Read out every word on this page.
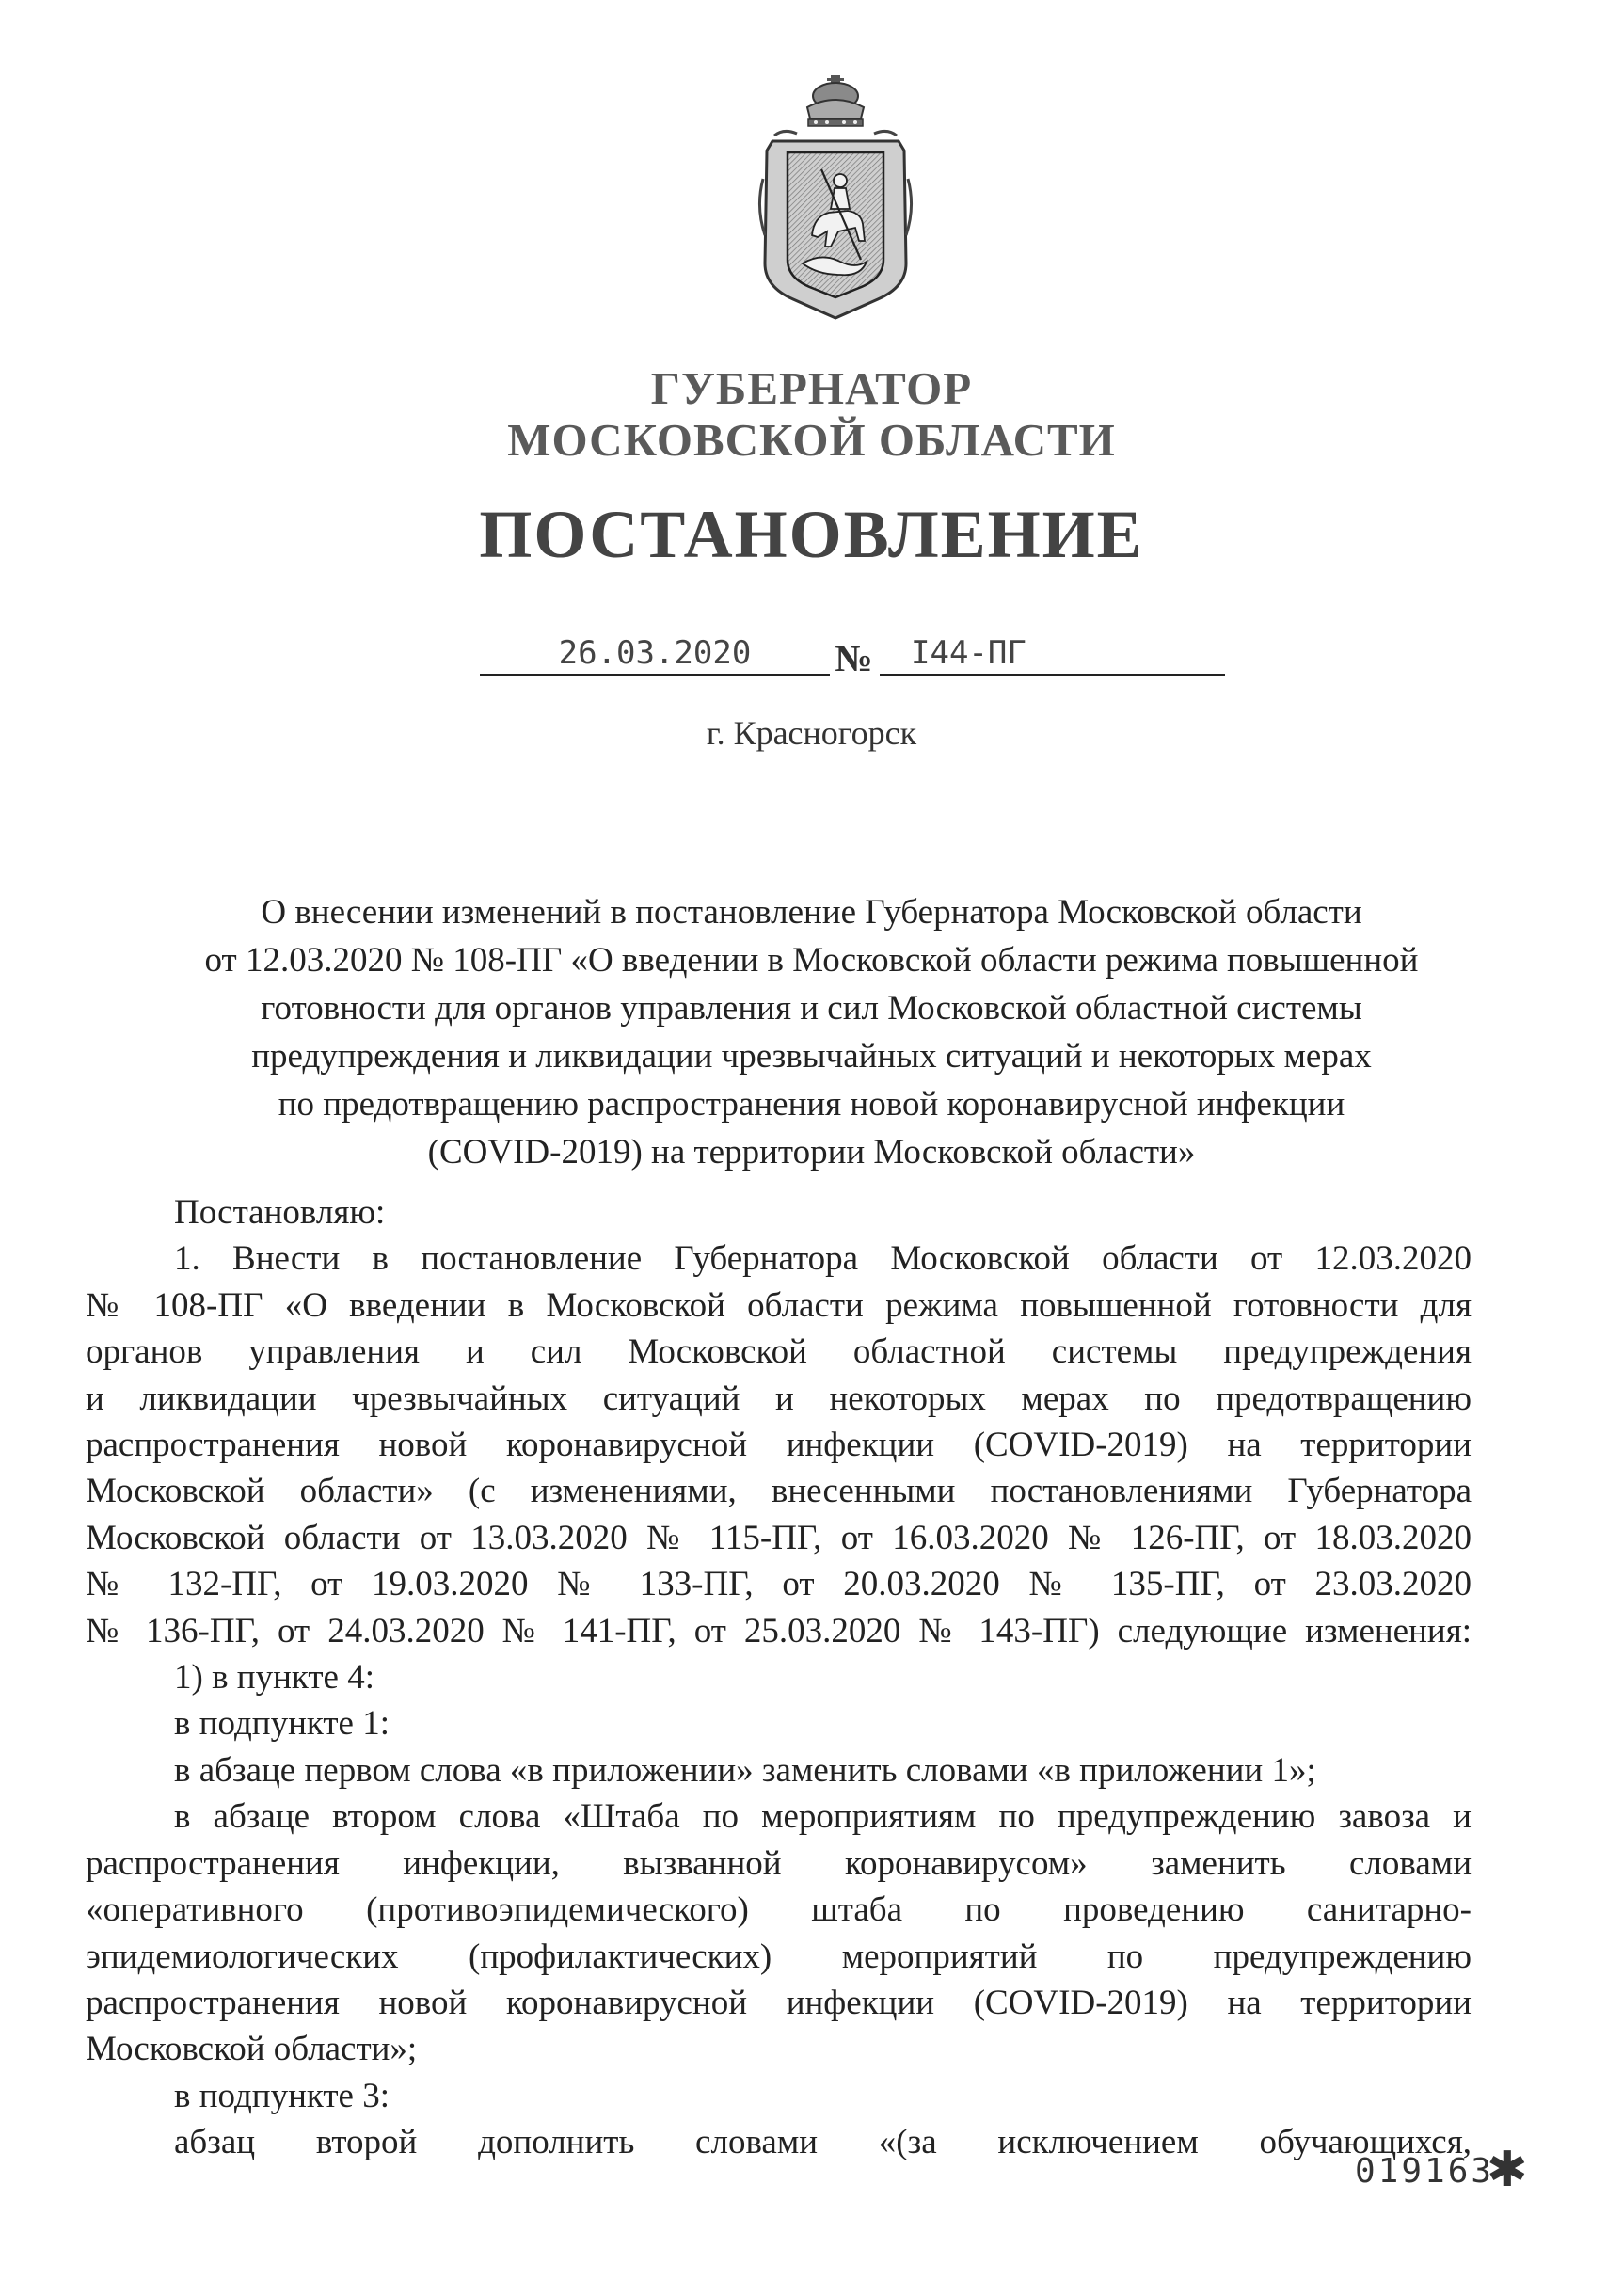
ГУБЕРНАТОР
МОСКОВСКОЙ ОБЛАСТИ
ПОСТАНОВЛЕНИЕ
26.03.2020	№ I44-ПГ
г. Красногорск
О внесении изменений в постановление Губернатора Московской области
от 12.03.2020 № 108-ПГ «О введении в Московской области режима повышенной
готовности для органов управления и сил Московской областной системы
предупреждения и ликвидации чрезвычайных ситуаций и некоторых мерах
по предотвращению распространения новой коронавирусной инфекции
(COVID-2019) на территории Московской области»
Постановляю:
1. Внести в постановление Губернатора Московской области от 12.03.2020
№ 108-ПГ «О введении в Московской области режима повышенной готовности для
органов управления и сил Московской областной системы предупреждения
и ликвидации чрезвычайных ситуаций и некоторых мерах по предотвращению
распространения новой коронавирусной инфекции (COVID-2019) на территории
Московской области» (с изменениями, внесенными постановлениями Губернатора
Московской области от 13.03.2020 № 115-ПГ, от 16.03.2020 № 126-ПГ, от 18.03.2020
№ 132-ПГ, от 19.03.2020 № 133-ПГ, от 20.03.2020 № 135-ПГ, от 23.03.2020
№ 136-ПГ, от 24.03.2020 № 141-ПГ, от 25.03.2020 № 143-ПГ) следующие изменения:
1) в пункте 4:
в подпункте 1:
в абзаце первом слова «в приложении» заменить словами «в приложении 1»;
в абзаце втором слова «Штаба по мероприятиям по предупреждению завоза и
распространения инфекции, вызванной коронавирусом» заменить словами
«оперативного (противоэпидемического) штаба по проведению санитарно-
эпидемиологических (профилактических) мероприятий по предупреждению
распространения новой коронавирусной инфекции (COVID-2019) на территории
Московской области»;
в подпункте 3:
абзац второй дополнить словами «(за исключением обучающихся,
019163
✱
